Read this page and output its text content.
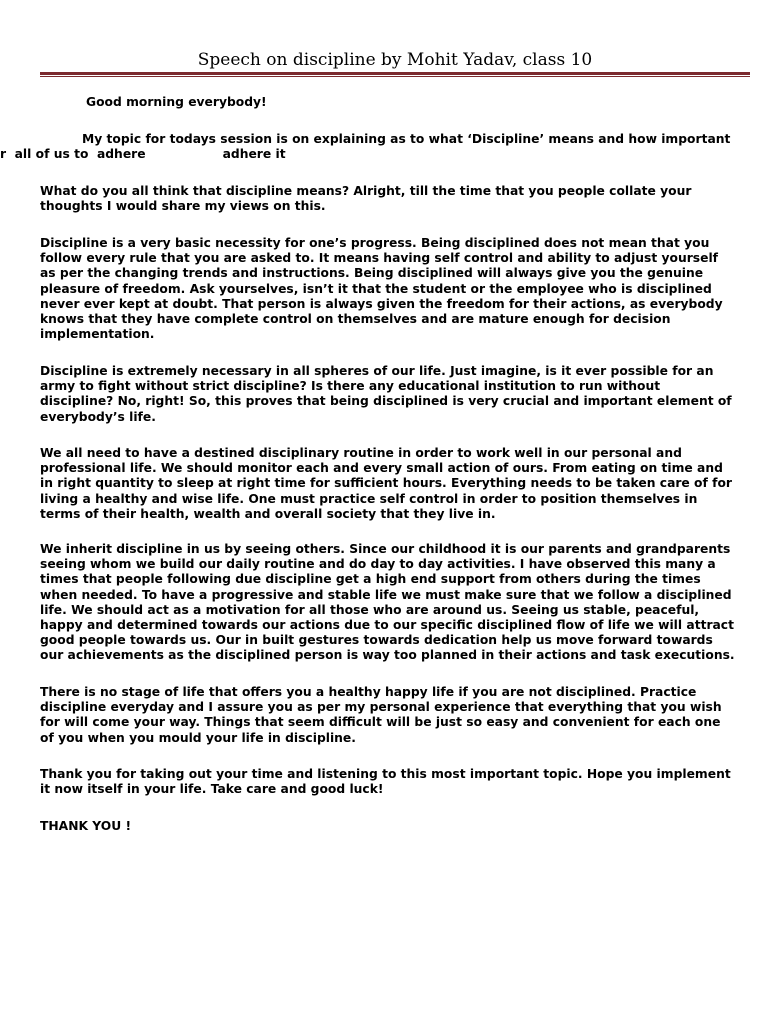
Speech on discipline by Mohit Yadav, class 10

Good morning everybody!

My topic for todays session is on explaining as to what ‘Discipline’ means and how important

r  all of us to  adhere                  adhere it

What do you all think that discipline means? Alright, till the time that you people collate your
thoughts I would share my views on this.

Discipline is a very basic necessity for one’s progress. Being disciplined does not mean that you
follow every rule that you are asked to. It means having self control and ability to adjust yourself
as per the changing trends and instructions. Being disciplined will always give you the genuine
pleasure of freedom. Ask yourselves, isn’t it that the student or the employee who is disciplined
never ever kept at doubt. That person is always given the freedom for their actions, as everybody
knows that they have complete control on themselves and are mature enough for decision
implementation.

Discipline is extremely necessary in all spheres of our life. Just imagine, is it ever possible for an
army to fight without strict discipline? Is there any educational institution to run without
discipline? No, right! So, this proves that being disciplined is very crucial and important element of
everybody’s life.

We all need to have a destined disciplinary routine in order to work well in our personal and
professional life. We should monitor each and every small action of ours. From eating on time and
in right quantity to sleep at right time for sufficient hours. Everything needs to be taken care of for
living a healthy and wise life. One must practice self control in order to position themselves in
terms of their health, wealth and overall society that they live in.

We inherit discipline in us by seeing others. Since our childhood it is our parents and grandparents
seeing whom we build our daily routine and do day to day activities. I have observed this many a
times that people following due discipline get a high end support from others during the times
when needed. To have a progressive and stable life we must make sure that we follow a disciplined
life. We should act as a motivation for all those who are around us. Seeing us stable, peaceful,
happy and determined towards our actions due to our specific disciplined flow of life we will attract
good people towards us. Our in built gestures towards dedication help us move forward towards
our achievements as the disciplined person is way too planned in their actions and task executions.

There is no stage of life that offers you a healthy happy life if you are not disciplined. Practice
discipline everyday and I assure you as per my personal experience that everything that you wish
for will come your way. Things that seem difficult will be just so easy and convenient for each one
of you when you mould your life in discipline.

Thank you for taking out your time and listening to this most important topic. Hope you implement
it now itself in your life. Take care and good luck!

THANK YOU !
